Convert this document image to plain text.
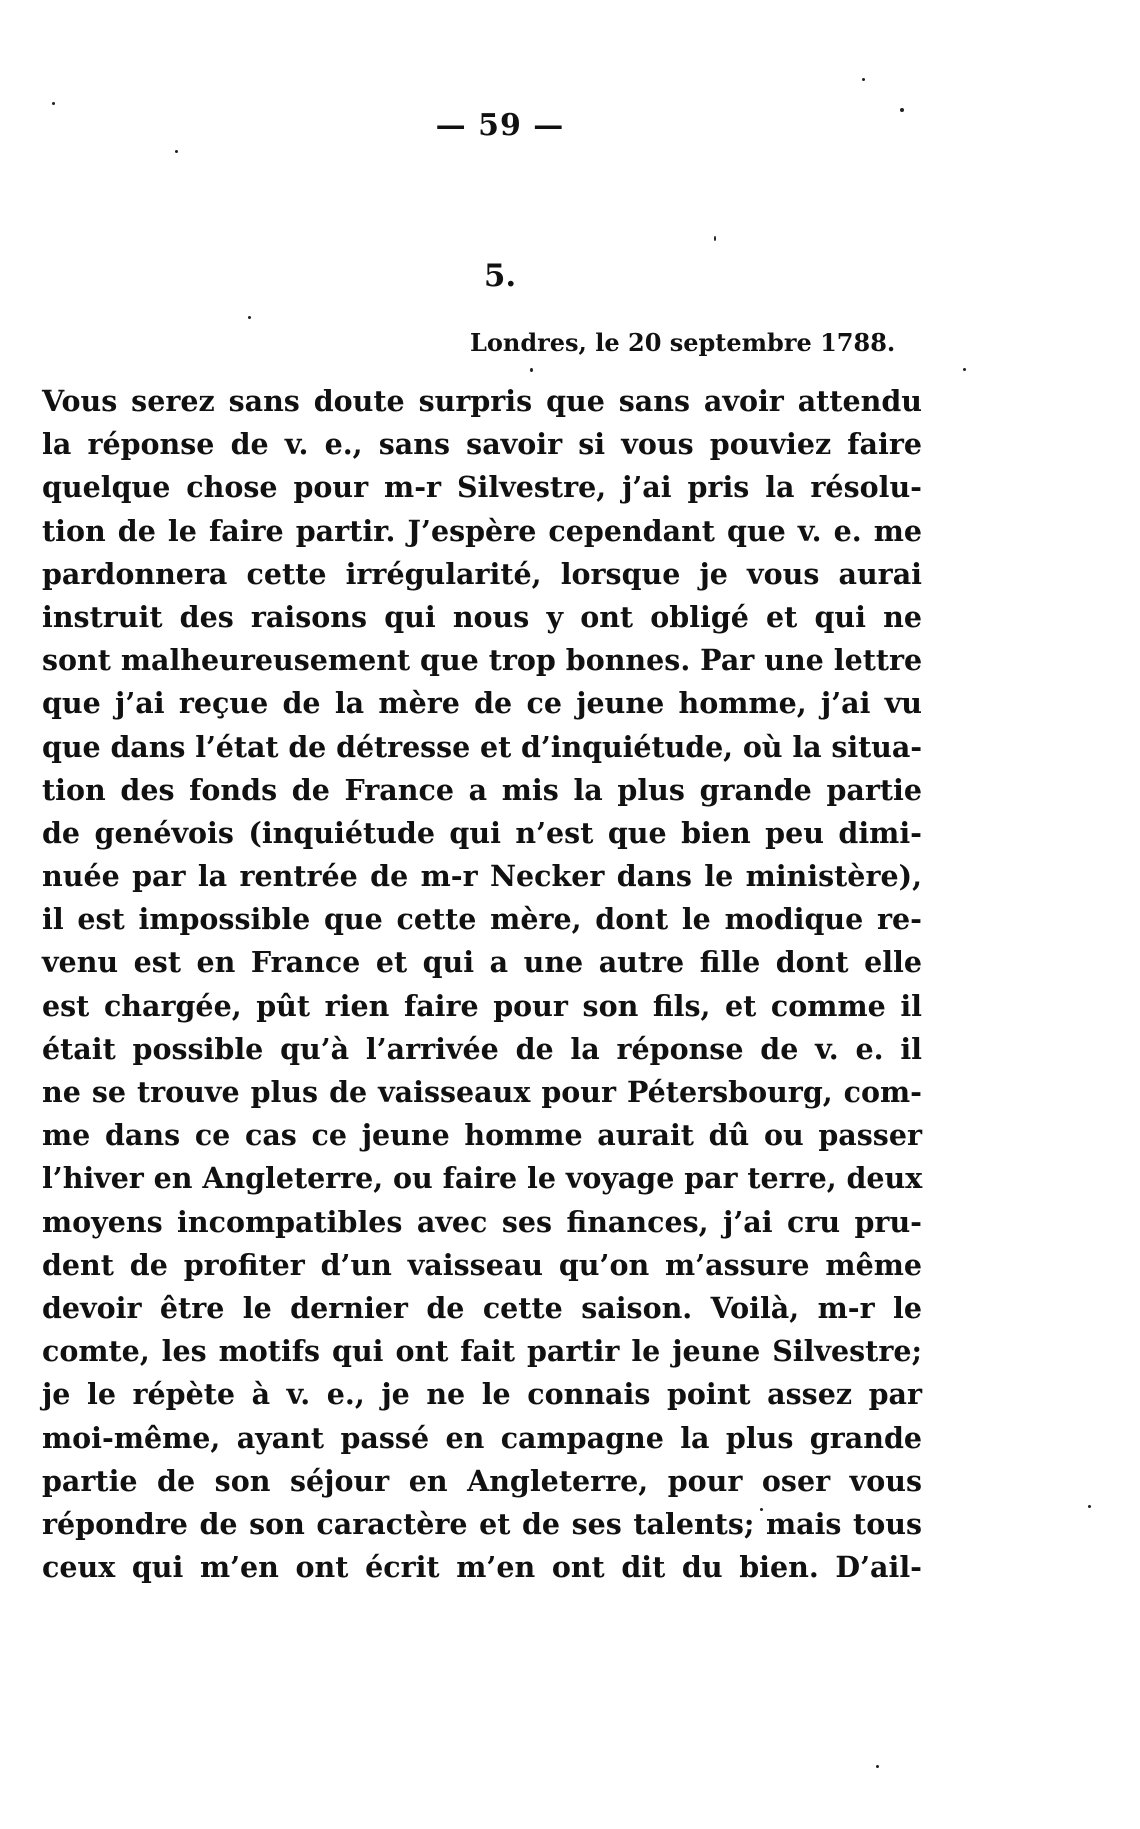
— 59 —
5.
Londres, le 20 septembre 1788.
Vous serez sans doute surpris que sans avoir attendu
la réponse de v. e., sans savoir si vous pouviez faire
quelque chose pour m-r Silvestre, j’ai pris la résolu-
tion de le faire partir. J’espère cependant que v. e. me
pardonnera cette irrégularité, lorsque je vous aurai
instruit des raisons qui nous y ont obligé et qui ne
sont malheureusement que trop bonnes. Par une lettre
que j’ai reçue de la mère de ce jeune homme, j’ai vu
que dans l’état de détresse et d’inquiétude, où la situa-
tion des fonds de France a mis la plus grande partie
de genévois (inquiétude qui n’est que bien peu dimi-
nuée par la rentrée de m-r Necker dans le ministère),
il est impossible que cette mère, dont le modique re-
venu est en France et qui a une autre fille dont elle
est chargée, pût rien faire pour son fils, et comme il
était possible qu’à l’arrivée de la réponse de v. e. il
ne se trouve plus de vaisseaux pour Pétersbourg, com-
me dans ce cas ce jeune homme aurait dû ou passer
l’hiver en Angleterre, ou faire le voyage par terre, deux
moyens incompatibles avec ses finances, j’ai cru pru-
dent de profiter d’un vaisseau qu’on m’assure même
devoir être le dernier de cette saison. Voilà, m-r le
comte, les motifs qui ont fait partir le jeune Silvestre;
je le répète à v. e., je ne le connais point assez par
moi-même, ayant passé en campagne la plus grande
partie de son séjour en Angleterre, pour oser vous
répondre de son caractère et de ses talents; mais tous
ceux qui m’en ont écrit m’en ont dit du bien. D’ail-
